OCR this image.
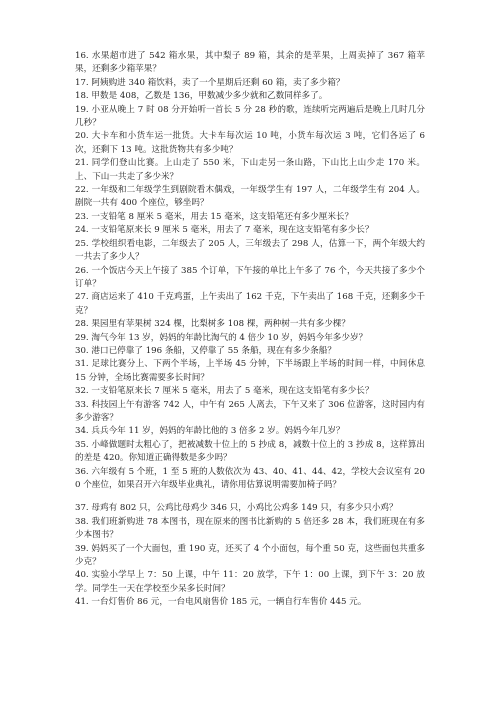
16. 水果超市进了 542 箱水果，其中梨子 89 箱，其余的是苹果，上周卖掉了 367 箱苹果，还剩多少箱苹果？

17. 阿姨购进 340 箱饮料，卖了一个星期后还剩 60 箱，卖了多少箱？

18. 甲数是 408，乙数是 136，甲数减少多少就和乙数同样多了。

19. 小亚从晚上 7 时 08 分开始听一首长 5 分 28 秒的歌，连续听完两遍后是晚上几时几分几秒？

20. 大卡车和小货车运一批货。大卡车每次运 10 吨，小货车每次运 3 吨，它们各运了 6 次，还剩下 13 吨。这批货物共有多少吨？

21. 同学们登山比赛。上山走了 550 米，下山走另一条山路，下山比上山少走 170 米。上、下山一共走了多少米？

22. 一年级和二年级学生到剧院看木偶戏，一年级学生有 197 人，二年级学生有 204 人。剧院一共有 400 个座位，够坐吗？

23. 一支铅笔 8 厘米 5 毫米，用去 15 毫米，这支铅笔还有多少厘米长？

24. 一支铅笔原来长 9 厘米 5 毫米，用去了 7 毫米，现在这支铅笔有多少长？

25. 学校组织看电影，二年级去了 205 人，三年级去了 298 人，估算一下，两个年级大约一共去了多少人？

26. 一个饭店今天上午接了 385 个订单，下午接的单比上午多了 76 个，今天共接了多少个订单？

27. 商店运来了 410 千克鸡蛋，上午卖出了 162 千克，下午卖出了 168 千克，还剩多少千克？

28. 果园里有苹果树 324 棵，比梨树多 108 棵，两种树一共有多少棵？

29. 淘气今年 13 岁，妈妈的年龄比淘气的 4 倍少 10 岁，妈妈今年多少岁？

30. 港口已停靠了 196 条船，又停靠了 55 条船，现在有多少条船？

31. 足球比赛分上、下两个半场，上半场 45 分钟，下半场跟上半场的时间一样，中间休息 15 分钟，全场比赛需要多长时间？

32. 一支铅笔原来长 7 厘米 5 毫米，用去了 5 毫米，现在这支铅笔有多少长？

33. 科技园上午有游客 742 人，中午有 265 人离去，下午又来了 306 位游客，这时园内有多少游客？

34. 兵兵今年 11 岁，妈妈的年龄比他的 3 倍多 2 岁。妈妈今年几岁？

35. 小峰做题时太粗心了，把被减数十位上的 5 抄成 8，减数十位上的 3 抄成 8，这样算出的差是 420。你知道正确得数是多少吗？

36. 六年级有 5 个班，1 至 5 班的人数依次为 43、40、41、44、42，学校大会议室有 200 个座位，如果召开六年级毕业典礼，请你用估算说明需要加椅子吗？

37. 母鸡有 802 只，公鸡比母鸡少 346 只，小鸡比公鸡多 149 只，有多少只小鸡？

38. 我们班新购进 78 本图书，现在原来的图书比新购的 5 倍还多 28 本，我们班现在有多少本图书？

39. 妈妈买了一个大面包，重 190 克，还买了 4 个小面包，每个重 50 克，这些面包共重多少克？

40. 实验小学早上 7：50 上课，中午 11：20 放学，下午 1：00 上课，到下午 3：20 放学。同学生一天在学校至少呆多长时间？

41. 一台灯售价 86 元，一台电风扇售价 185 元，一辆自行车售价 445 元。
